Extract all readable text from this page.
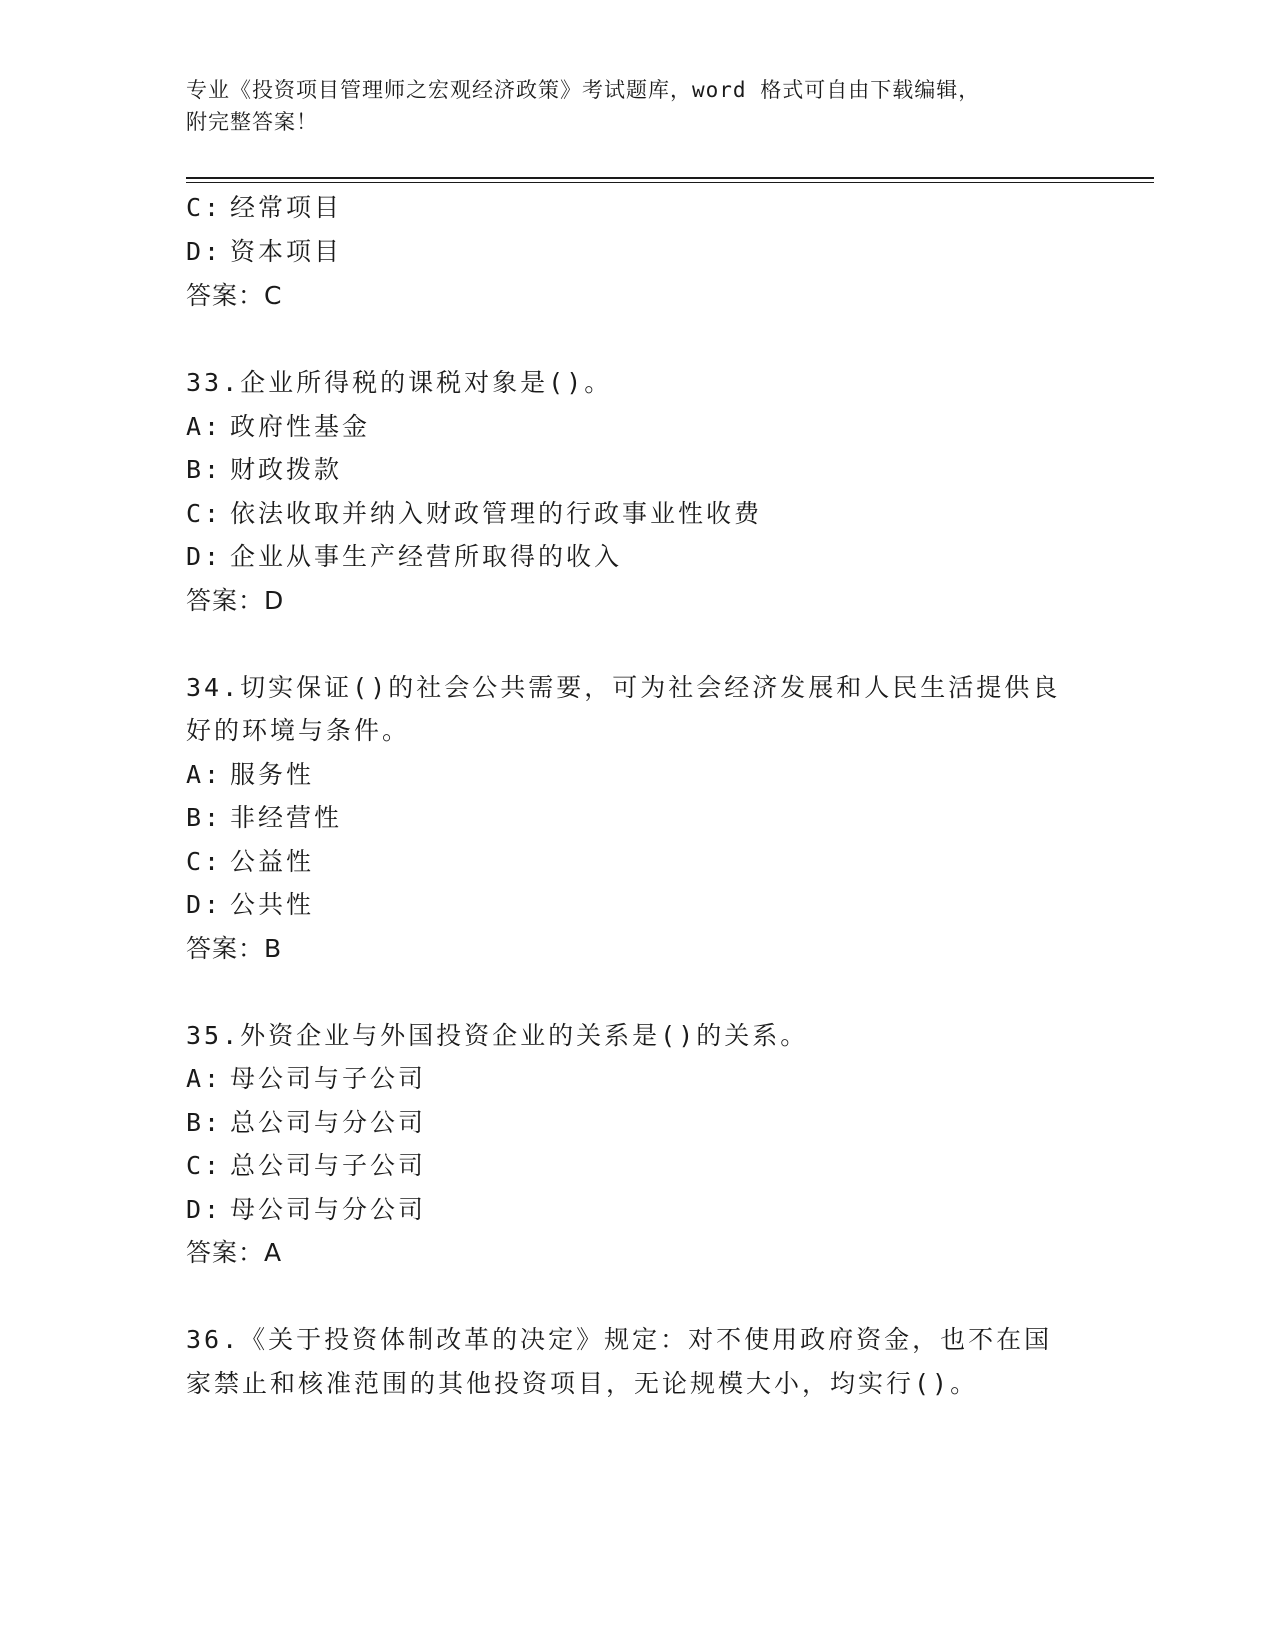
专业《投资项目管理师之宏观经济政策》考试题库，word 格式可自由下载编辑，
附完整答案！
C: 经常项目
D: 资本项目
答案：C
33.企业所得税的课税对象是()。
A: 政府性基金
B: 财政拨款
C: 依法收取并纳入财政管理的行政事业性收费
D: 企业从事生产经营所取得的收入
答案：D
34.切实保证()的社会公共需要，可为社会经济发展和人民生活提供良
好的环境与条件。
A: 服务性
B: 非经营性
C: 公益性
D: 公共性
答案：B
35.外资企业与外国投资企业的关系是()的关系。
A: 母公司与子公司
B: 总公司与分公司
C: 总公司与子公司
D: 母公司与分公司
答案：A
36.《关于投资体制改革的决定》规定：对不使用政府资金，也不在国
家禁止和核准范围的其他投资项目，无论规模大小，均实行()。
